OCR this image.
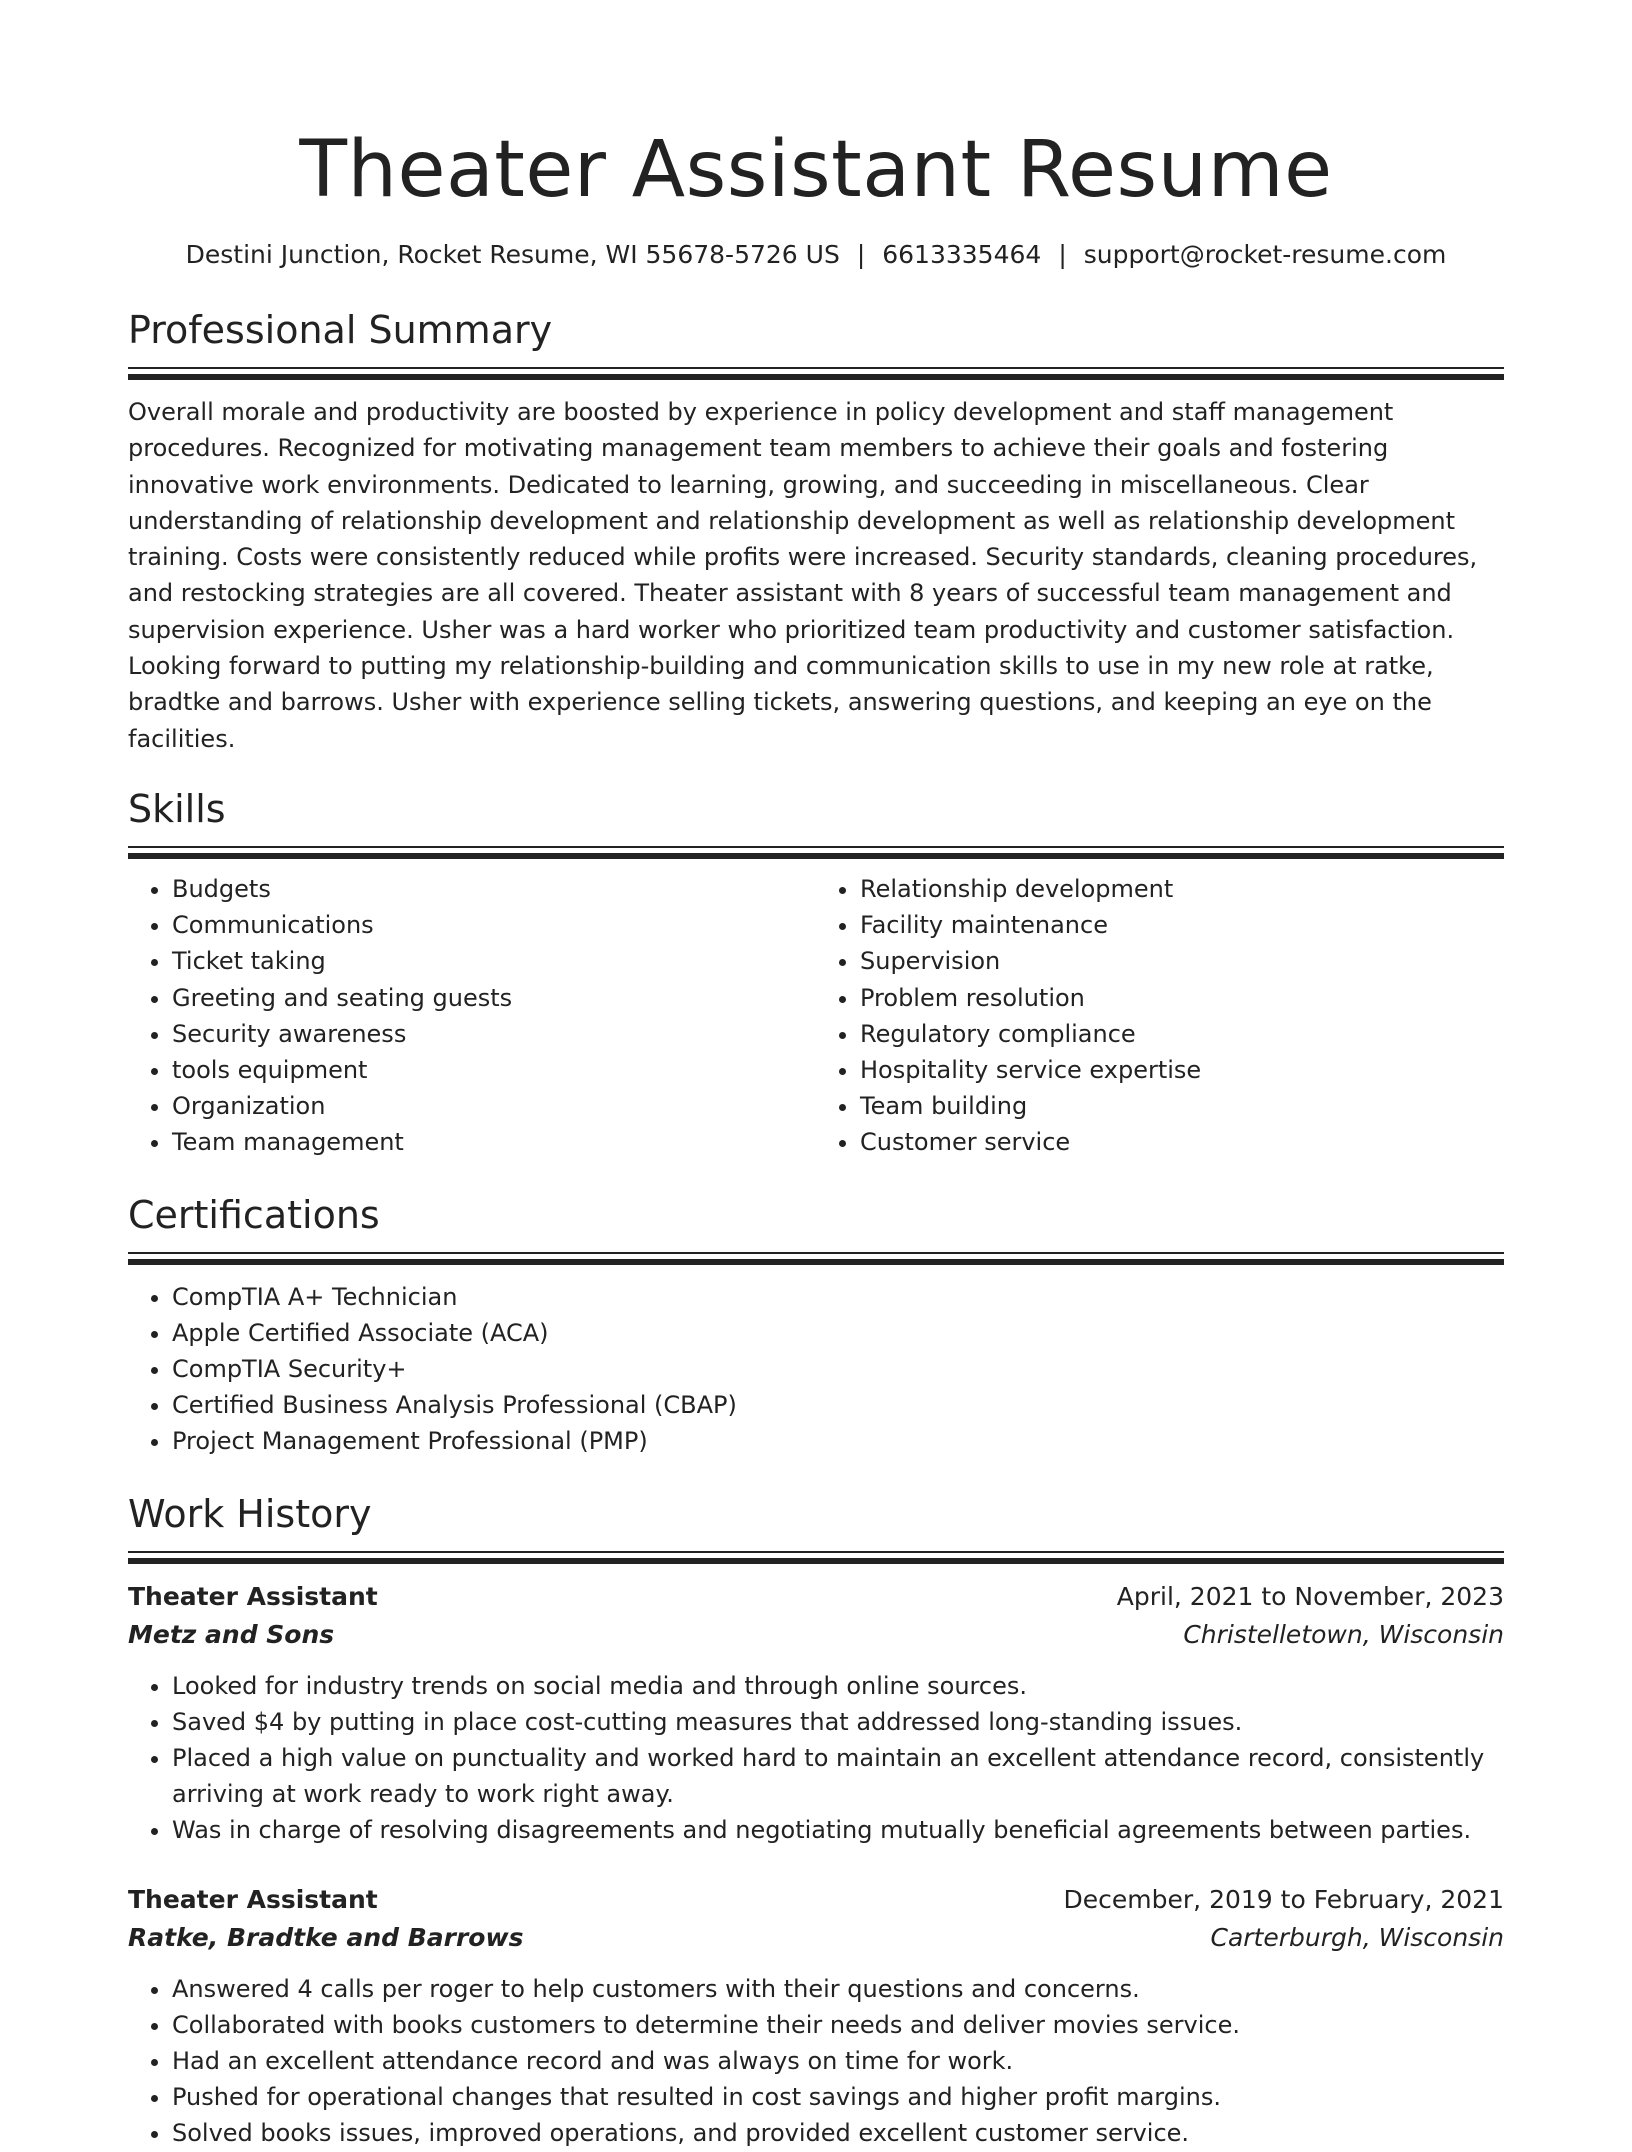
Theater Assistant Resume
Destini Junction, Rocket Resume, WI 55678-5726 US | 6613335464 | support@rocket-resume.com
Professional Summary

Overall morale and productivity are boosted by experience in policy development and staff management procedures. Recognized for motivating management team members to achieve their goals and fostering innovative work environments. Dedicated to learning, growing, and succeeding in miscellaneous. Clear understanding of relationship development and relationship development as well as relationship development training. Costs were consistently reduced while profits were increased. Security standards, cleaning procedures, and restocking strategies are all covered. Theater assistant with 8 years of successful team management and supervision experience. Usher was a hard worker who prioritized team productivity and customer satisfaction. Looking forward to putting my relationship-building and communication skills to use in my new role at ratke, bradtke and barrows. Usher with experience selling tickets, answering questions, and keeping an eye on the facilities.

Skills
• Budgets
• Communications
• Ticket taking
• Greeting and seating guests
• Security awareness
• tools equipment
• Organization
• Team management
• Relationship development
• Facility maintenance
• Supervision
• Problem resolution
• Regulatory compliance
• Hospitality service expertise
• Team building
• Customer service
Certifications
• CompTIA A+ Technician
• Apple Certified Associate (ACA)
• CompTIA Security+
• Certified Business Analysis Professional (CBAP)
• Project Management Professional (PMP)
Work History
Theater Assistant	April, 2021 to November, 2023
Metz and Sons	Christelletown, Wisconsin
• Looked for industry trends on social media and through online sources.
• Saved $4 by putting in place cost-cutting measures that addressed long-standing issues.
• Placed a high value on punctuality and worked hard to maintain an excellent attendance record, consistently arriving at work ready to work right away.
• Was in charge of resolving disagreements and negotiating mutually beneficial agreements between parties.
Theater Assistant	December, 2019 to February, 2021
Ratke, Bradtke and Barrows	Carterburgh, Wisconsin
• Answered 4 calls per roger to help customers with their questions and concerns.
• Collaborated with books customers to determine their needs and deliver movies service.
• Had an excellent attendance record and was always on time for work.
• Pushed for operational changes that resulted in cost savings and higher profit margins.
• Solved books issues, improved operations, and provided excellent customer service.
